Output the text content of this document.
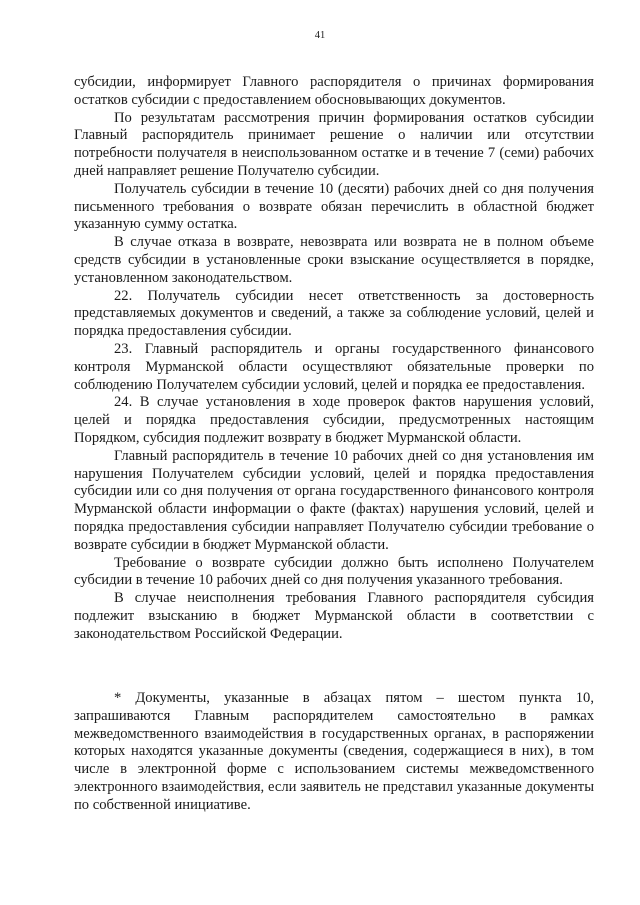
41

субсидии, информирует Главного распорядителя о причинах формирования остатков субсидии с предоставлением обосновывающих документов.

По результатам рассмотрения причин формирования остатков субсидии Главный распорядитель принимает решение о наличии или отсутствии потребности получателя в неиспользованном остатке и в течение 7 (семи) рабочих дней направляет решение Получателю субсидии.

Получатель субсидии в течение 10 (десяти) рабочих дней со дня получения письменного требования о возврате обязан перечислить в областной бюджет указанную сумму остатка.

В случае отказа в возврате, невозврата или возврата не в полном объеме средств субсидии в установленные сроки взыскание осуществляется в порядке, установленном законодательством.

22. Получатель субсидии несет ответственность за достоверность представляемых документов и сведений, а также за соблюдение условий, целей и порядка предоставления субсидии.

23. Главный распорядитель и органы государственного финансового контроля Мурманской области осуществляют обязательные проверки по соблюдению Получателем субсидии условий, целей и порядка ее предоставления.

24. В случае установления в ходе проверок фактов нарушения условий, целей и порядка предоставления субсидии, предусмотренных настоящим Порядком, субсидия подлежит возврату в бюджет Мурманской области.

Главный распорядитель в течение 10 рабочих дней со дня установления им нарушения Получателем субсидии условий, целей и порядка предоставления субсидии или со дня получения от органа государственного финансового контроля Мурманской области информации о факте (фактах) нарушения условий, целей и порядка предоставления субсидии направляет Получателю субсидии требование о возврате субсидии в бюджет Мурманской области.

Требование о возврате субсидии должно быть исполнено Получателем субсидии в течение 10 рабочих дней со дня получения указанного требования.

В случае неисполнения требования Главного распорядителя субсидия подлежит взысканию в бюджет Мурманской области в соответствии с законодательством Российской Федерации.

* Документы, указанные в абзацах пятом – шестом пункта 10, запрашиваются Главным распорядителем самостоятельно в рамках межведомственного взаимодействия в государственных органах, в распоряжении которых находятся указанные документы (сведения, содержащиеся в них), в том числе в электронной форме с использованием системы межведомственного электронного взаимодействия, если заявитель не представил указанные документы по собственной инициативе.
